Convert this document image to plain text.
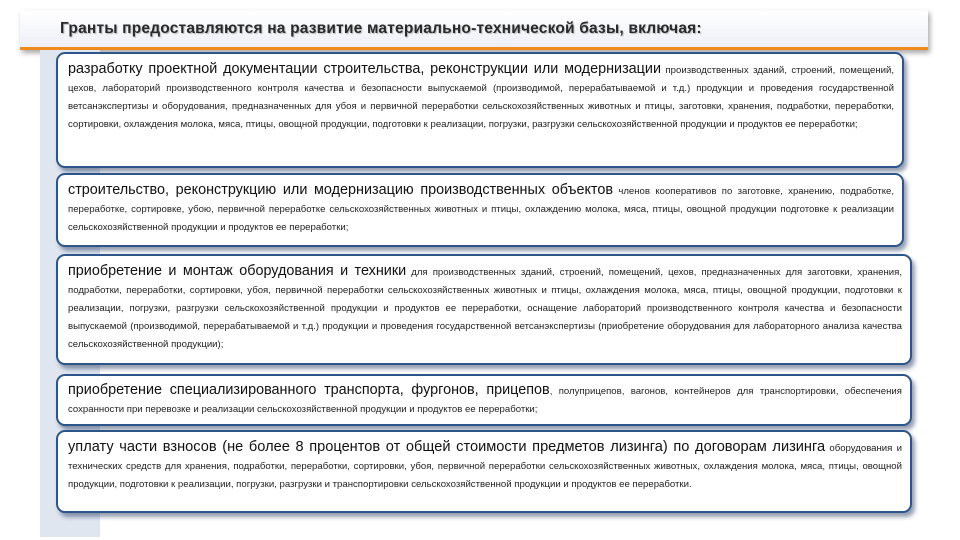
Гранты предоставляются на развитие материально-технической базы, включая:

разработку проектной документации строительства, реконструкции или модернизации производственных зданий, строений, помещений, цехов, лабораторий производственного контроля качества и безопасности выпускаемой (производимой, перерабатываемой и т.д.) продукции и проведения государственной ветсанэкспертизы и оборудования, предназначенных для убоя и первичной переработки сельскохозяйственных животных и птицы, заготовки, хранения, подработки, переработки, сортировки, охлаждения молока, мяса, птицы, овощной продукции, подготовки к реализации, погрузки, разгрузки сельскохозяйственной продукции и продуктов ее переработки;

строительство, реконструкцию или модернизацию производственных объектов членов кооперативов по заготовке, хранению, подработке, переработке, сортировке, убою, первичной переработке сельскохозяйственных животных и птицы, охлаждению молока, мяса, птицы, овощной продукции подготовке к реализации сельскохозяйственной продукции и продуктов ее переработки;

приобретение и монтаж оборудования и техники для производственных зданий, строений, помещений, цехов, предназначенных для заготовки, хранения, подработки, переработки, сортировки, убоя, первичной переработки сельскохозяйственных животных и птицы, охлаждения молока, мяса, птицы, овощной продукции, подготовки к реализации, погрузки, разгрузки сельскохозяйственной продукции и продуктов ее переработки, оснащение лабораторий производственного контроля качества и безопасности выпускаемой (производимой, перерабатываемой и т.д.) продукции и проведения государственной ветсанэкспертизы (приобретение оборудования для лабораторного анализа качества сельскохозяйственной продукции);

приобретение специализированного транспорта, фургонов, прицепов, полуприцепов, вагонов, контейнеров для транспортировки, обеспечения сохранности при перевозке и реализации сельскохозяйственной продукции и продуктов ее переработки;

уплату части взносов (не более 8 процентов от общей стоимости предметов лизинга) по договорам лизинга оборудования и технических средств для хранения, подработки, переработки, сортировки, убоя, первичной переработки сельскохозяйственных животных, охлаждения молока, мяса, птицы, овощной продукции, подготовки к реализации, погрузки, разгрузки и транспортировки сельскохозяйственной продукции и продуктов ее переработки.
